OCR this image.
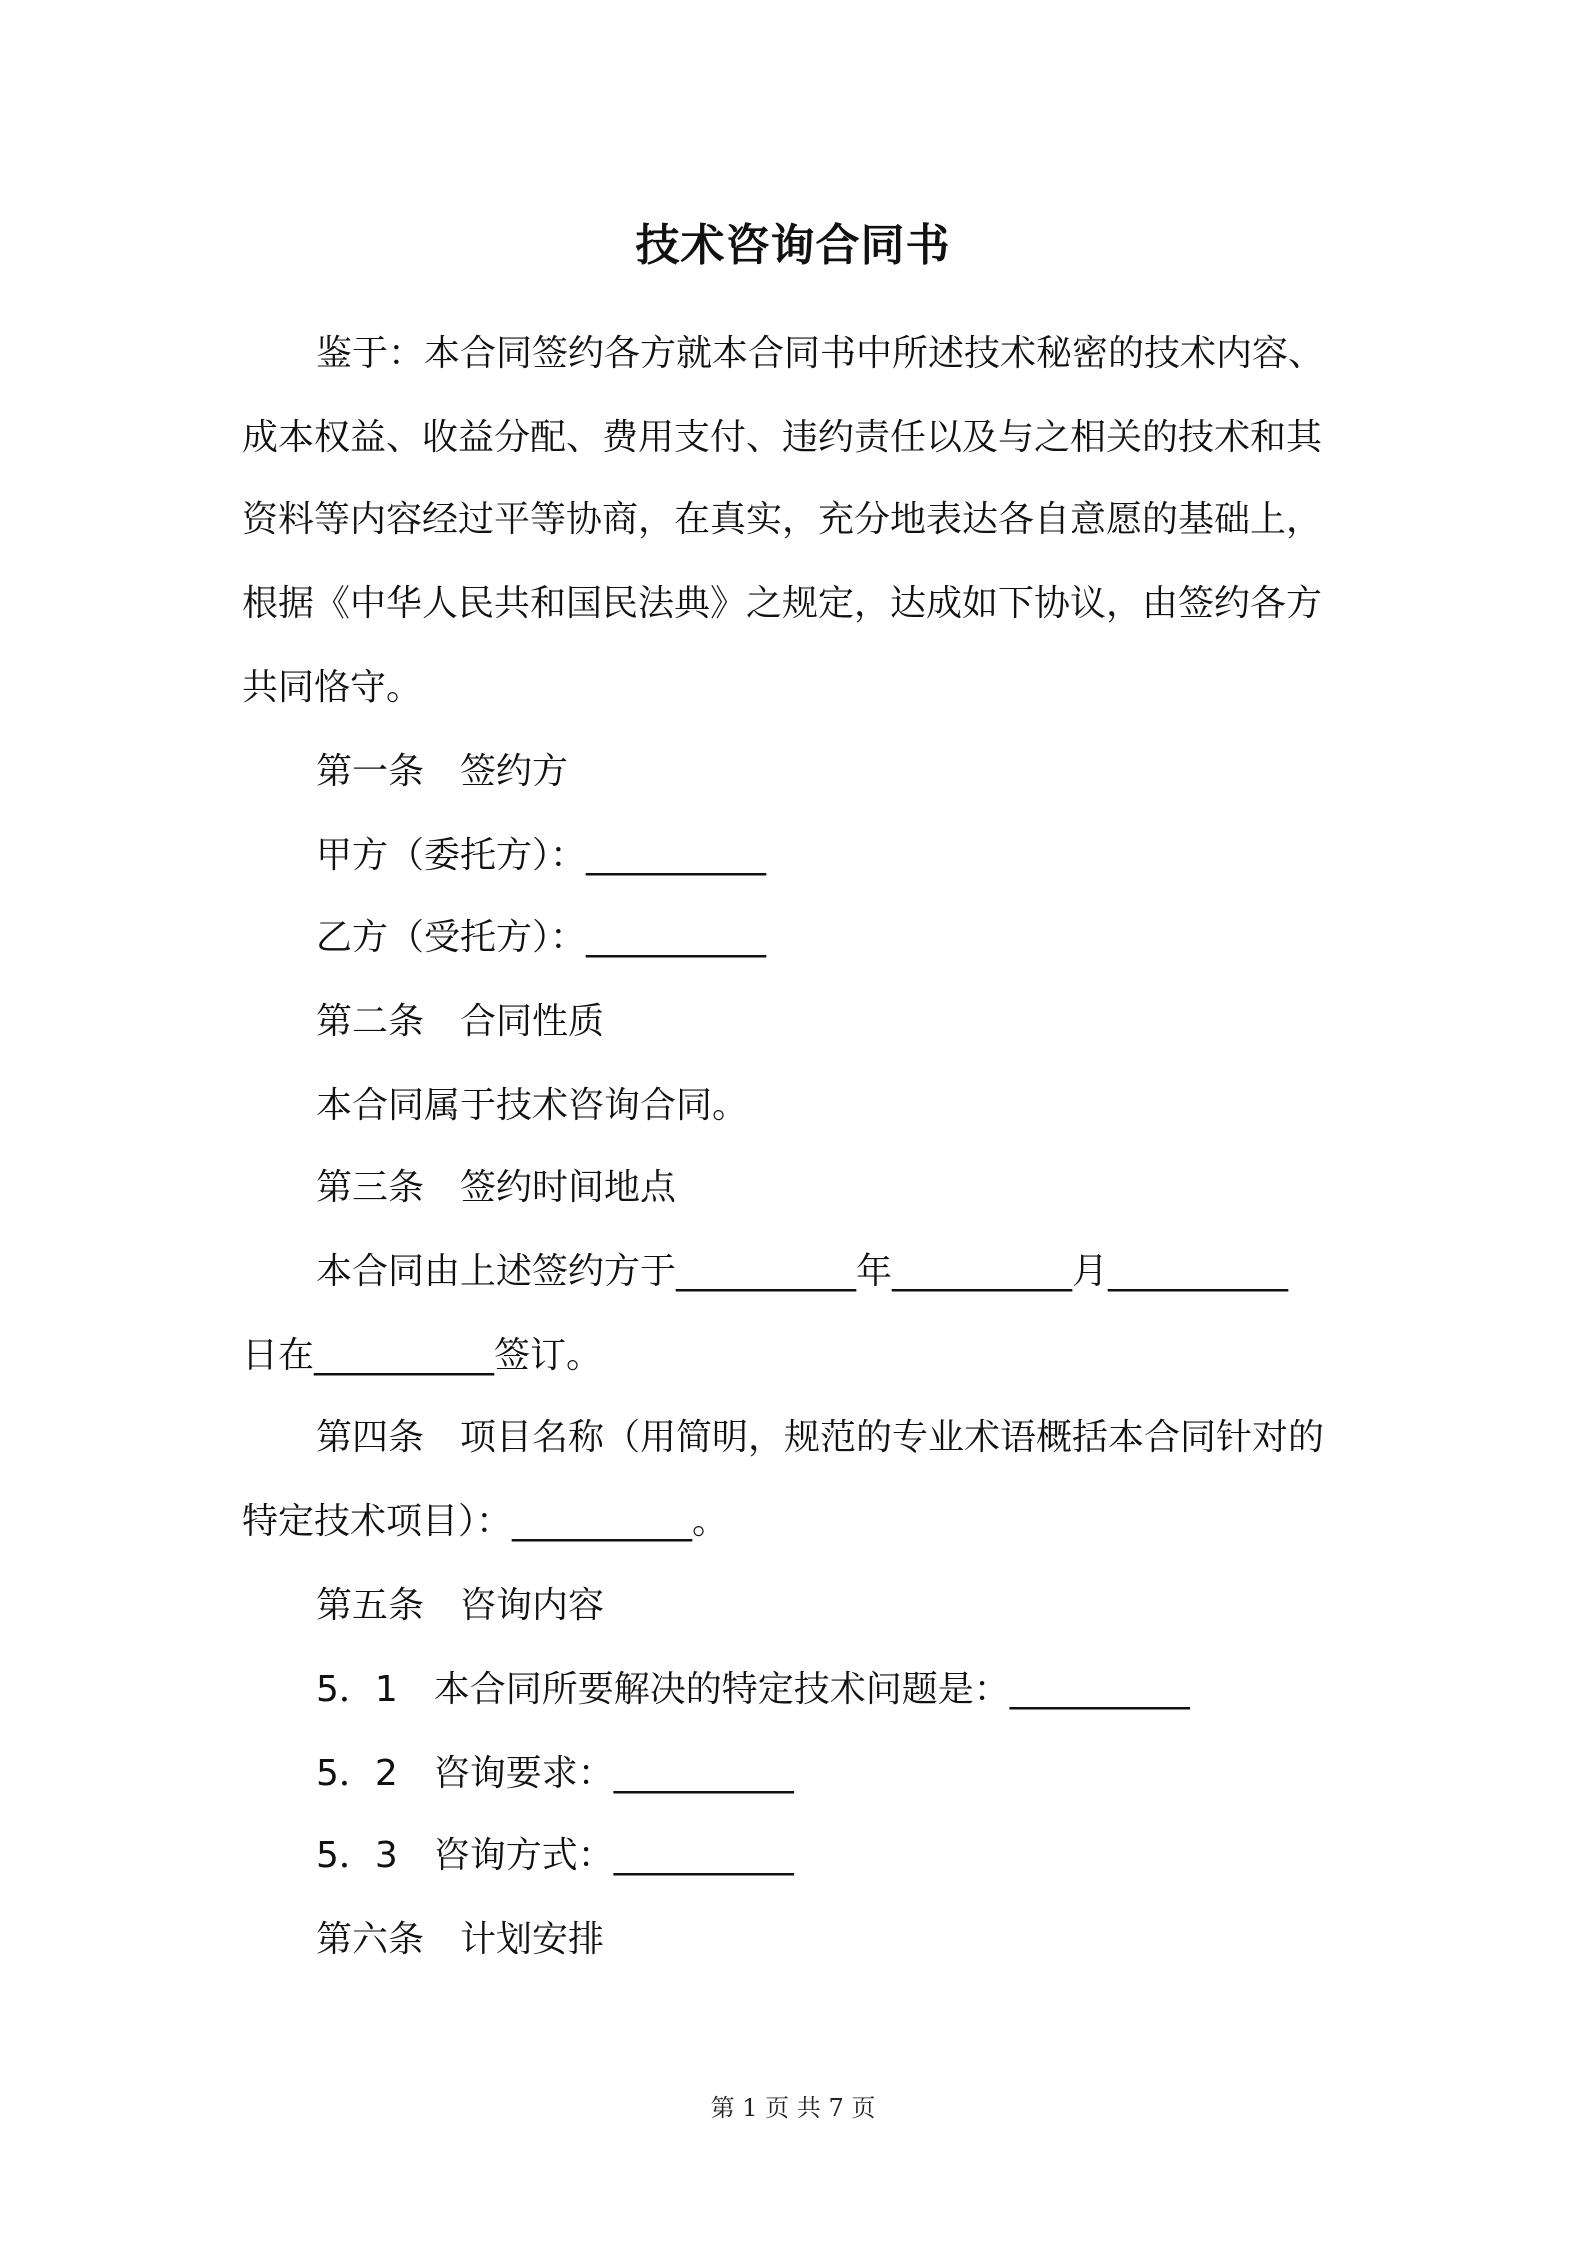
技术咨询合同书
鉴于：本合同签约各方就本合同书中所述技术秘密的技术内容、
成本权益、收益分配、费用支付、违约责任以及与之相关的技术和其
资料等内容经过平等协商，在真实，充分地表达各自意愿的基础上，
根据《中华人民共和国民法典》之规定，达成如下协议，由签约各方
共同恪守。
第一条　签约方
甲方（委托方）：__________
乙方（受托方）：__________
第二条　合同性质
本合同属于技术咨询合同。
第三条　签约时间地点
本合同由上述签约方于__________年__________月__________
日在__________签订。
第四条　项目名称（用简明，规范的专业术语概括本合同针对的
特定技术项目）：__________。
第五条　咨询内容
5．1　本合同所要解决的特定技术问题是：__________
5．2　咨询要求：__________
5．3　咨询方式：__________
第六条　计划安排
第 1 页 共 7 页
